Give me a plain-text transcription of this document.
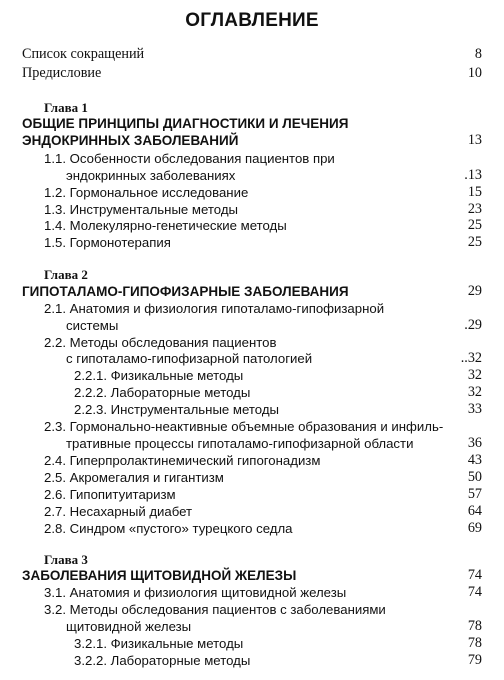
ОГЛАВЛЕНИЕ
Список сокращений	8
Предисловие	10
Глава 1
ОБЩИЕ ПРИНЦИПЫ ДИАГНОСТИКИ И ЛЕЧЕНИЯ
ЭНДОКРИННЫХ ЗАБОЛЕВАНИЙ	13
1.1. Особенности обследования пациентов при
эндокринных заболеваниях	.13
1.2. Гормональное исследование	15
1.3. Инструментальные методы	23
1.4. Молекулярно-генетические методы	25
1.5. Гормонотерапия	25
Глава 2
ГИПОТАЛАМО-ГИПОФИЗАРНЫЕ ЗАБОЛЕВАНИЯ	29
2.1. Анатомия и физиология гипоталамо-гипофизарной
системы	.29
2.2. Методы обследования пациентов
с гипоталамо-гипофизарной патологией	..32
2.2.1. Физикальные методы	32
2.2.2. Лабораторные методы	32
2.2.3. Инструментальные методы	33
2.3. Гормонально-неактивные объемные образования и инфиль-
тративные процессы гипоталамо-гипофизарной области	36
2.4. Гиперпролактинемический гипогонадизм	43
2.5. Акромегалия и гигантизм	50
2.6. Гипопитуитаризм	57
2.7. Несахарный диабет	64
2.8. Синдром «пустого» турецкого седла	69
Глава 3
ЗАБОЛЕВАНИЯ ЩИТОВИДНОЙ ЖЕЛЕЗЫ	74
3.1. Анатомия и физиология щитовидной железы	74
3.2. Методы обследования пациентов с заболеваниями
щитовидной железы	78
3.2.1. Физикальные методы	78
3.2.2. Лабораторные методы	79
